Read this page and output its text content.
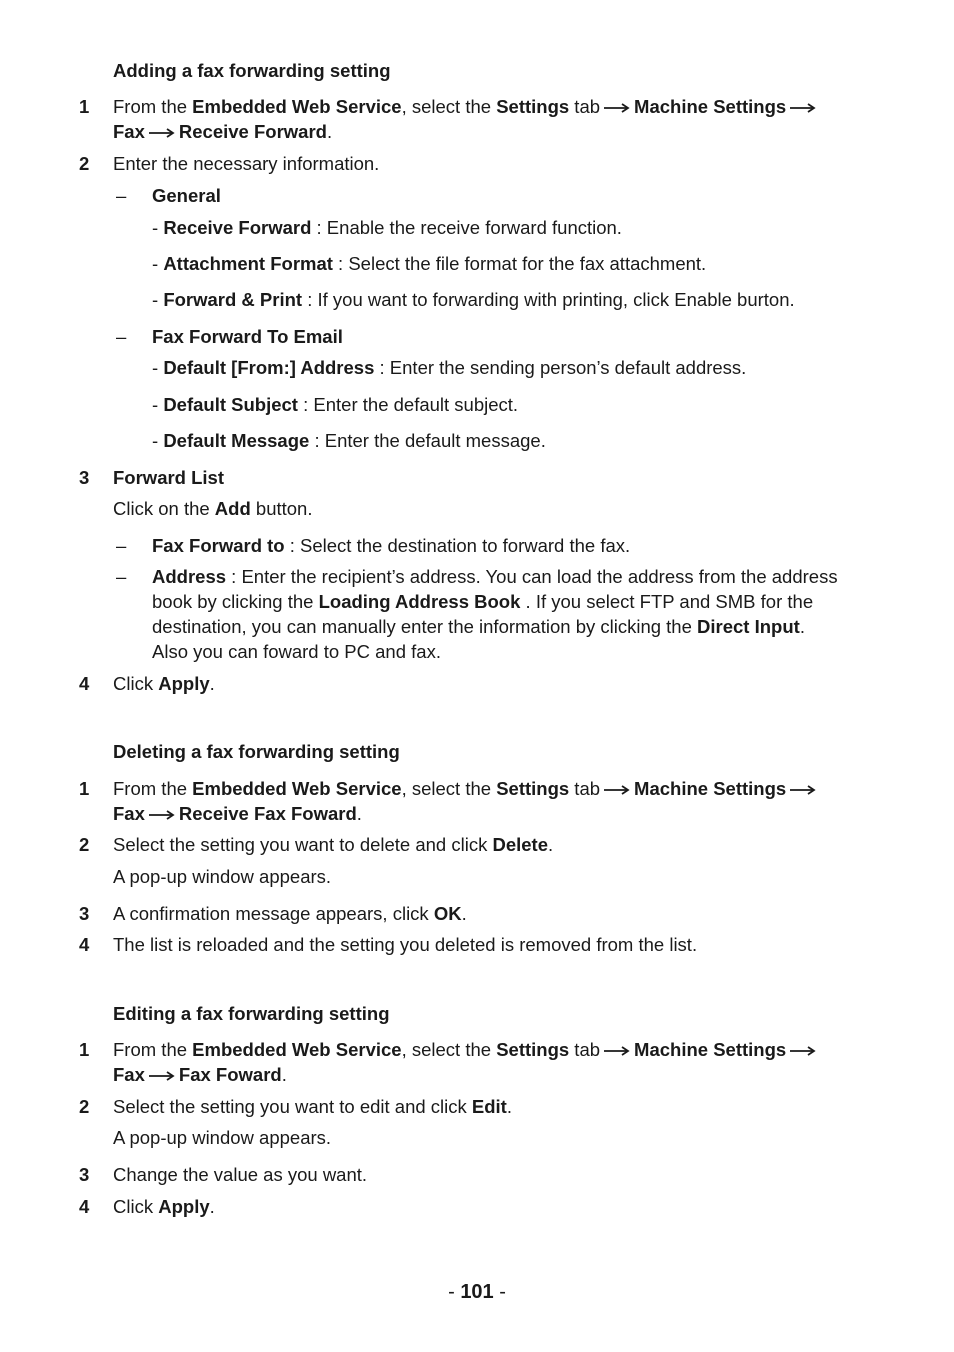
Adding a fax forwarding setting
1 From the Embedded Web Service, select the Settings tab Machine Settings
Fax Receive Forward.
2 Enter the necessary information.
– General
- Receive Forward : Enable the receive forward function.
- Attachment Format : Select the file format for the fax attachment.
- Forward & Print : If you want to forwarding with printing, click Enable burton.
– Fax Forward To Email
- Default [From:] Address : Enter the sending person’s default address.
- Default Subject : Enter the default subject.
- Default Message : Enter the default message.
3 Forward List
Click on the Add button.
– Fax Forward to : Select the destination to forward the fax.
– Address : Enter the recipient’s address. You can load the address from the address
book by clicking the Loading Address Book . If you select FTP and SMB for the
destination, you can manually enter the information by clicking the Direct Input.
Also you can foward to PC and fax.
4 Click Apply.
Deleting a fax forwarding setting
1 From the Embedded Web Service, select the Settings tab Machine Settings
Fax Receive Fax Foward.
2 Select the setting you want to delete and click Delete.
A pop-up window appears.
3 A confirmation message appears, click OK.
4 The list is reloaded and the setting you deleted is removed from the list.
Editing a fax forwarding setting
1 From the Embedded Web Service, select the Settings tab Machine Settings
Fax Fax Foward.
2 Select the setting you want to edit and click Edit.
A pop-up window appears.
3 Change the value as you want.
4 Click Apply.
- 101 -
